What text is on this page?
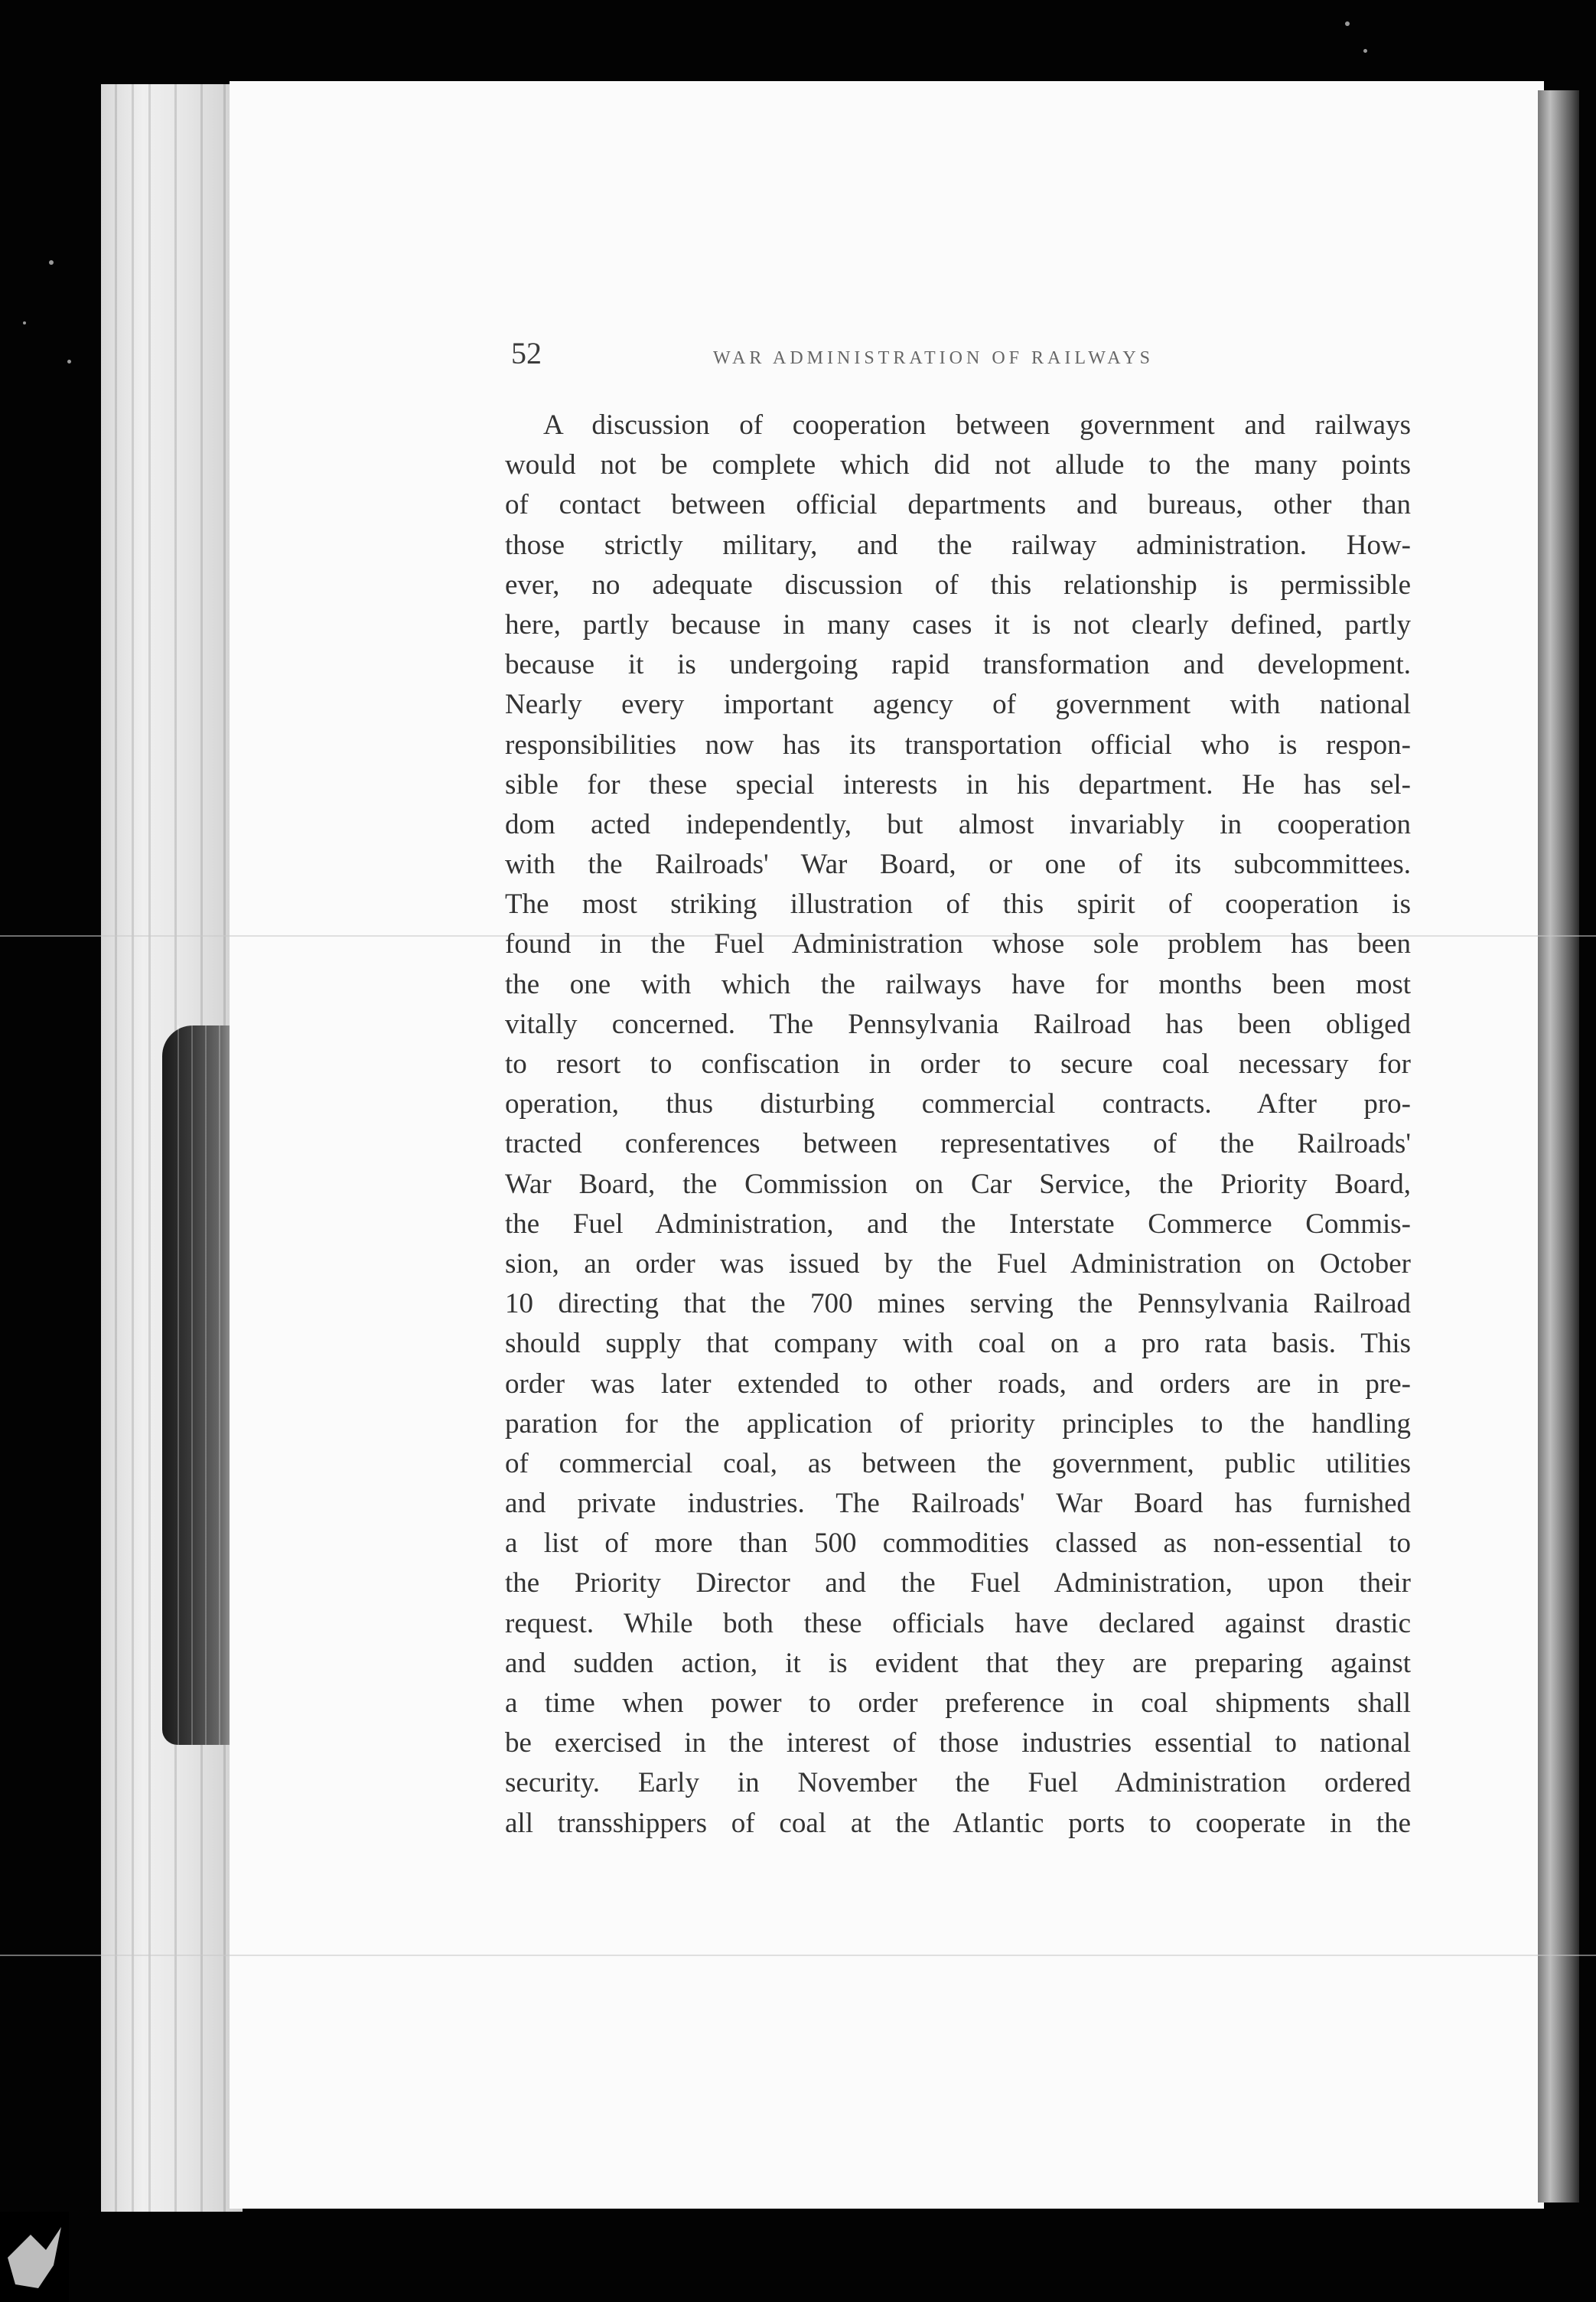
52	WAR ADMINISTRATION OF RAILWAYS
A discussion of cooperation between government and railways
would not be complete which did not allude to the many points
of contact between official departments and bureaus, other than
those strictly military, and the railway administration. How-
ever, no adequate discussion of this relationship is permissible
here, partly because in many cases it is not clearly defined, partly
because it is undergoing rapid transformation and development.
Nearly every important agency of government with national
responsibilities now has its transportation official who is respon-
sible for these special interests in his department. He has sel-
dom acted independently, but almost invariably in cooperation
with the Railroads' War Board, or one of its subcommittees.
The most striking illustration of this spirit of cooperation is
found in the Fuel Administration whose sole problem has been
the one with which the railways have for months been most
vitally concerned. The Pennsylvania Railroad has been obliged
to resort to confiscation in order to secure coal necessary for
operation, thus disturbing commercial contracts. After pro-
tracted conferences between representatives of the Railroads'
War Board, the Commission on Car Service, the Priority Board,
the Fuel Administration, and the Interstate Commerce Commis-
sion, an order was issued by the Fuel Administration on October
10 directing that the 700 mines serving the Pennsylvania Railroad
should supply that company with coal on a pro rata basis. This
order was later extended to other roads, and orders are in pre-
paration for the application of priority principles to the handling
of commercial coal, as between the government, public utilities
and private industries. The Railroads' War Board has furnished
a list of more than 500 commodities classed as non-essential to
the Priority Director and the Fuel Administration, upon their
request. While both these officials have declared against drastic
and sudden action, it is evident that they are preparing against
a time when power to order preference in coal shipments shall
be exercised in the interest of those industries essential to national
security. Early in November the Fuel Administration ordered
all transshippers of coal at the Atlantic ports to cooperate in the
